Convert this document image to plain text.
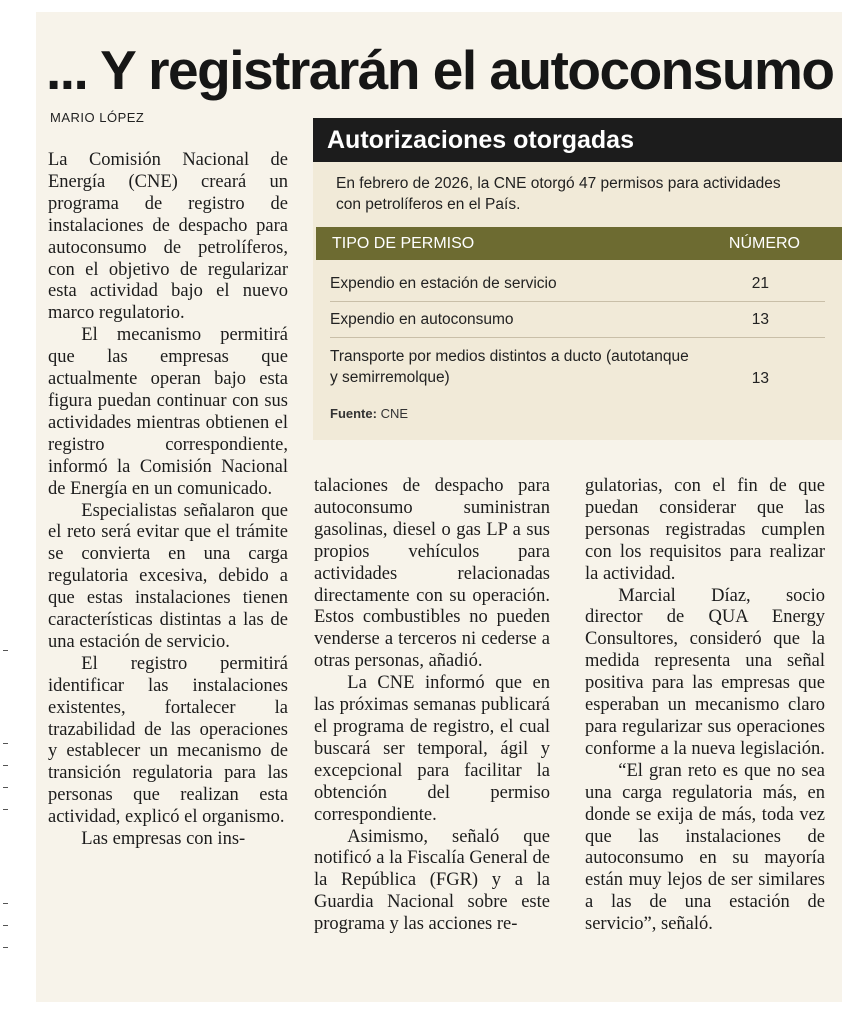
... Y registrarán el autoconsumo
MARIO LÓPEZ

La Comisión Nacional de Energía (CNE) creará un programa de registro de instalaciones de despacho para autoconsumo de petrolíferos, con el objetivo de regularizar esta actividad bajo el nuevo marco regulatorio.

El mecanismo permitirá que las empresas que actualmente operan bajo esta figura puedan continuar con sus actividades mientras obtienen el registro correspondiente, informó la Comisión Nacional de Energía en un comunicado.

Especialistas señalaron que el reto será evitar que el trámite se convierta en una carga regulatoria excesiva, debido a que estas instalaciones tienen características distintas a las de una estación de servicio.

El registro permitirá identificar las instalaciones existentes, fortalecer la trazabilidad de las operaciones y establecer un mecanismo de transición regulatoria para las personas que realizan esta actividad, explicó el organismo.

Las empresas con ins-

talaciones de despacho para autoconsumo suministran gasolinas, diesel o gas LP a sus propios vehículos para actividades relacionadas directamente con su operación. Estos combustibles no pueden venderse a terceros ni cederse a otras personas, añadió.

La CNE informó que en las próximas semanas publicará el programa de registro, el cual buscará ser temporal, ágil y excepcional para facilitar la obtención del permiso correspondiente.

Asimismo, señaló que notificó a la Fiscalía General de la República (FGR) y a la Guardia Nacional sobre este programa y las acciones re-

gulatorias, con el fin de que puedan considerar que las personas registradas cumplen con los requisitos para realizar la actividad.

Marcial Díaz, socio director de QUA Energy Consultores, consideró que la medida representa una señal positiva para las empresas que esperaban un mecanismo claro para regularizar sus operaciones conforme a la nueva legislación.

“El gran reto es que no sea una carga regulatoria más, en donde se exija de más, toda vez que las instalaciones de autoconsumo en su mayoría están muy lejos de ser similares a las de una estación de servicio”, señaló.

Autorizaciones otorgadas
En febrero de 2026, la CNE otorgó 47 permisos para actividades con petrolíferos en el País.
TIPO DE PERMISO	NÚMERO
Expendio en estación de servicio	21
Expendio en autoconsumo	13
Transporte por medios distintos a ducto (autotanque y semirremolque)	13
Fuente: CNE
